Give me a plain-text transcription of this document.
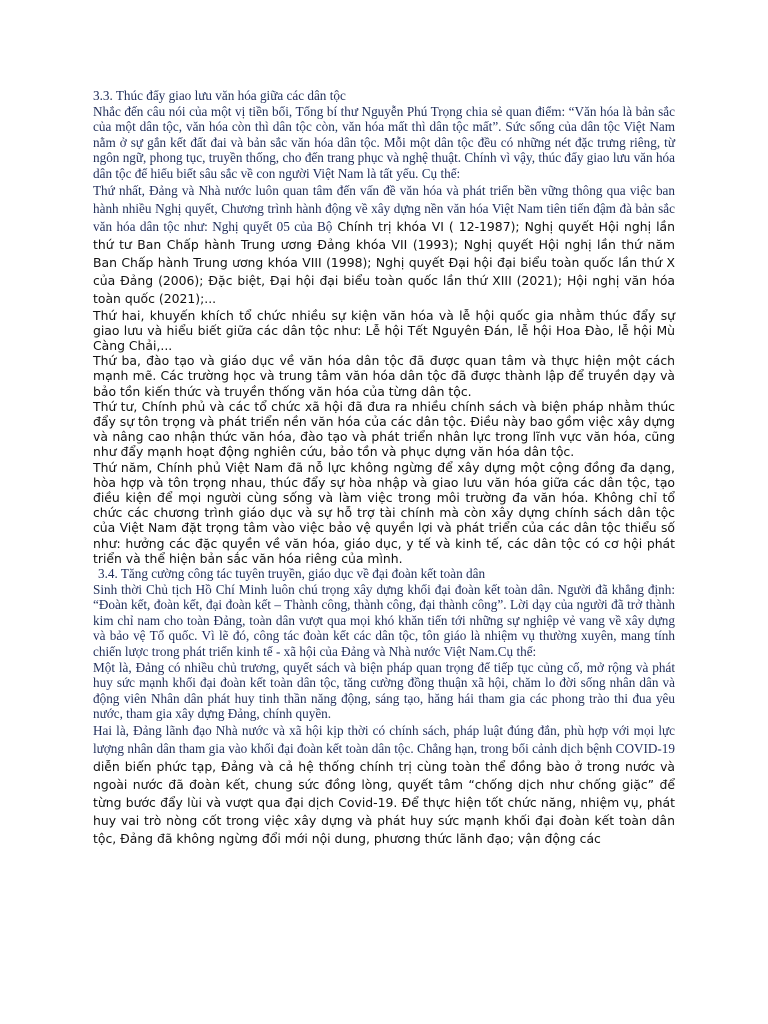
3.3. Thúc đẩy giao lưu văn hóa giữa các dân tộc

Nhắc đến câu nói của một vị tiền bối, Tổng bí thư Nguyễn Phú Trọng chia sẻ quan điểm: “Văn hóa là bản sắc của một dân tộc, văn hóa còn thì dân tộc còn, văn hóa mất thì dân tộc mất”. Sức sống của dân tộc Việt Nam nằm ở sự gắn kết đất đai và bản sắc văn hóa dân tộc. Mỗi một dân tộc đều có những nét đặc trưng riêng, từ ngôn ngữ, phong tục, truyền thống, cho đến trang phục và nghệ thuật. Chính vì vậy, thúc đẩy giao lưu văn hóa dân tộc để hiểu biết sâu sắc về con người Việt Nam là tất yếu. Cụ thể:

Thứ nhất, Đảng và Nhà nước luôn quan tâm đến vấn đề văn hóa và phát triển bền vững thông qua việc ban hành nhiều Nghị quyết, Chương trình hành động về xây dựng nền văn hóa Việt Nam tiên tiến đậm đà bản sắc văn hóa dân tộc như: Nghị quyết 05 của Bộ Chính trị khóa VI ( 12-1987); Nghị quyết Hội nghị lần thứ tư Ban Chấp hành Trung ương Đảng khóa VII (1993); Nghị quyết Hội nghị lần thứ năm Ban Chấp hành Trung ương khóa VIII (1998); Nghị quyết Đại hội đại biểu toàn quốc lần thứ X của Đảng (2006); Đặc biệt, Đại hội đại biểu toàn quốc lần thứ XIII (2021); Hội nghị văn hóa toàn quốc (2021);...

Thứ hai, khuyến khích tổ chức nhiều sự kiện văn hóa và lễ hội quốc gia nhằm thúc đẩy sự giao lưu và hiểu biết giữa các dân tộc như: Lễ hội Tết Nguyên Đán, lễ hội Hoa Đào, lễ hội Mù Càng Chải,...

Thứ ba, đào tạo và giáo dục về văn hóa dân tộc đã được quan tâm và thực hiện một cách mạnh mẽ. Các trường học và trung tâm văn hóa dân tộc đã được thành lập để truyền dạy và bảo tồn kiến thức và truyền thống văn hóa của từng dân tộc.

Thứ tư, Chính phủ và các tổ chức xã hội đã đưa ra nhiều chính sách và biện pháp nhằm thúc đẩy sự tôn trọng và phát triển nền văn hóa của các dân tộc. Điều này bao gồm việc xây dựng và nâng cao nhận thức văn hóa, đào tạo và phát triển nhân lực trong lĩnh vực văn hóa, cũng như đẩy mạnh hoạt động nghiên cứu, bảo tồn và phục dựng văn hóa dân tộc.

Thứ năm, Chính phủ Việt Nam đã nỗ lực không ngừng để xây dựng một cộng đồng đa dạng, hòa hợp và tôn trọng nhau, thúc đẩy sự hòa nhập và giao lưu văn hóa giữa các dân tộc, tạo điều kiện để mọi người cùng sống và làm việc trong môi trường đa văn hóa. Không chỉ tổ chức các chương trình giáo dục và sự hỗ trợ tài chính mà còn xây dựng chính sách dân tộc của Việt Nam đặt trọng tâm vào việc bảo vệ quyền lợi và phát triển của các dân tộc thiểu số như: hưởng các đặc quyền về văn hóa, giáo dục, y tế và kinh tế, các dân tộc có cơ hội phát triển và thể hiện bản sắc văn hóa riêng của mình.

3.4. Tăng cường công tác tuyên truyền, giáo dục về đại đoàn kết toàn dân

Sinh thời Chủ tịch Hồ Chí Minh luôn chú trọng xây dựng khối đại đoàn kết toàn dân. Người đã khẳng định: “Đoàn kết, đoàn kết, đại đoàn kết – Thành công, thành công, đại thành công”. Lời dạy của người đã trở thành kim chỉ nam cho toàn Đảng, toàn dân vượt qua mọi khó khăn tiến tới những sự nghiệp vẻ vang về xây dựng và bảo vệ Tổ quốc. Vì lẽ đó, công tác đoàn kết các dân tộc, tôn giáo là nhiệm vụ thường xuyên, mang tính chiến lược trong phát triển kinh tế - xã hội của Đảng và Nhà nước Việt Nam.Cụ thể:

Một là, Đảng có nhiều chủ trương, quyết sách và biện pháp quan trọng để tiếp tục củng cố, mở rộng và phát huy sức mạnh khối đại đoàn kết toàn dân tộc, tăng cường đồng thuận xã hội, chăm lo đời sống nhân dân và động viên Nhân dân phát huy tinh thần năng động, sáng tạo, hăng hái tham gia các phong trào thi đua yêu nước, tham gia xây dựng Đảng, chính quyền.

Hai là, Đảng lãnh đạo Nhà nước và xã hội kịp thời có chính sách, pháp luật đúng đắn, phù hợp với mọi lực lượng nhân dân tham gia vào khối đại đoàn kết toàn dân tộc. Chẳng hạn, trong bối cảnh dịch bệnh COVID-19 diễn biến phức tạp, Đảng và cả hệ thống chính trị cùng toàn thể đồng bào ở trong nước và ngoài nước đã đoàn kết, chung sức đồng lòng, quyết tâm “chống dịch như chống giặc” để từng bước đẩy lùi và vượt qua đại dịch Covid-19. Để thực hiện tốt chức năng, nhiệm vụ, phát huy vai trò nòng cốt trong việc xây dựng và phát huy sức mạnh khối đại đoàn kết toàn dân tộc, Đảng đã không ngừng đổi mới nội dung, phương thức lãnh đạo; vận động các
